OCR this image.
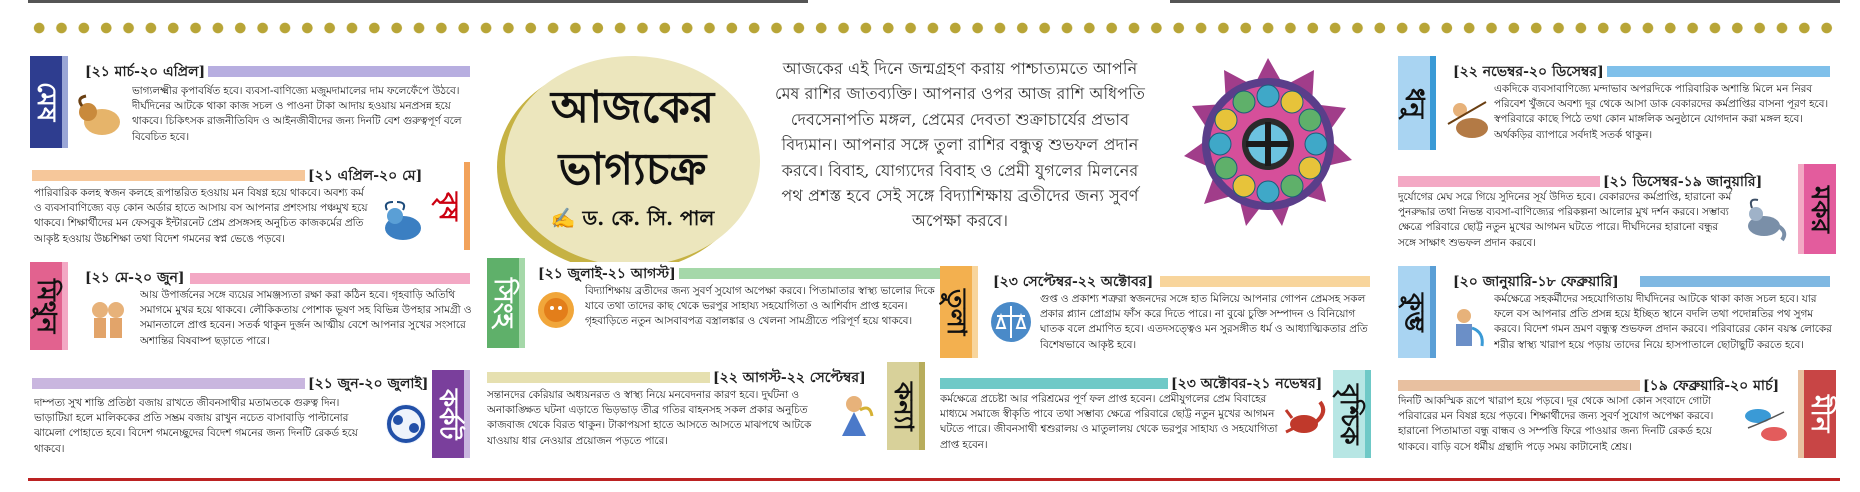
আজকের
ভাগ্যচক্র
✍ ড. কে. সি. পাল
আজকের এই দিনে জন্মগ্রহণ করায় পাশ্চাত্যমতে আপনি মেষ রাশির জাতব্যক্তি। আপনার ওপর আজ রাশি অধিপতি দেবসেনাপতি মঙ্গল, প্রেমের দেবতা শুক্রাচার্যের প্রভাব বিদ্যমান। আপনার সঙ্গে তুলা রাশির বন্ধুত্ব শুভফল প্রদান করবে। বিবাহ, যোগ্যদের বিবাহ ও প্রেমী যুগলের মিলনের পথ প্রশস্ত হবে সেই সঙ্গে বিদ্যাশিক্ষায় ব্রতীদের জন্য সুবর্ণ অপেক্ষা করবে।
মেষ
[২১ মার্চ-২০ এপ্রিল]
ভাগ্যলক্ষ্মীর কৃপাবর্ষিত হবে। ব্যবসা-বাণিজ্যে মজুমদামালের দাম ফলেফেঁপে উঠবে। দীর্ঘদিনের আটকে থাকা কাজ সচল ও পাওনা টাকা আদায় হওয়ায় মনপ্রসন্ন হয়ে থাকবে। চিকিৎসক রাজনীতিবিদ ও আইনজীবীদের জন্য দিনটি বেশ গুরুত্বপূর্ণ বলে বিবেচিত হবে।
[২১ এপ্রিল-২০ মে]
বৃষ
পারিবারিক কলহ স্বজন কলহে রূপান্তরিত হওয়ায় মন বিষণ্ণ হয়ে থাকবে। অবশ্য কর্ম ও ব্যবসাবাণিজ্যে বড় কোন অর্ডার হাতে আসায় বস আপনার প্রশংসায় পঞ্চমুখ হয়ে থাকবে। শিক্ষার্থীদের মন ফেসবুক ইন্টারনেট প্রেম প্রসঙ্গসহ অনুচিত কাজকর্মের প্রতি আকৃষ্ট হওয়ায় উচ্চশিক্ষা তথা বিদেশ গমনের স্বপ্ন ভেঙে পড়বে।
মিথুন
[২১ মে-২০ জুন]
আয় উপার্জনের সঙ্গে ব্যয়ের সামঞ্জস্যতা রক্ষা করা কঠিন হবে। গৃহবাড়ি অতিথি সমাগমে মুখর হয়ে থাকবে। লৌকিকতায় পোশাক ভূষণ সহ বিভিন্ন উপহার সামগ্রী ও সমানতালে প্রাপ্ত হবেন। সতর্ক থাকুন দুর্জন আত্মীয় বেশে আপনার সুখের সংসারে অশান্তির বিষবাষ্প ছড়াতে পারে।
[২১ জুন-২০ জুলাই]
কর্কট
দাম্পত্য সুখ শান্তি প্রতিষ্ঠা বজায় রাখতে জীবনসাথীর মতামতকে গুরুত্ব দিন। ভাড়াটিয়া হলে মালিককের প্রতি সম্ভ্রম বজায় রাখুন নচেত বাসাবাড়ি পাল্টানোর ঝামেলা পোহাতে হবে। বিদেশ গমনেচ্ছুদের বিদেশ গমনের জন্য দিনটি রেকর্ড হয়ে থাকবে।
সিংহ
[২১ জুলাই-২১ আগস্ট]
বিদ্যাশিক্ষায় ব্রতীদের জন্য সুবর্ণ সুযোগ অপেক্ষা করবে। পিতামাতার স্বাস্থ্য ভালোর দিকে যাবে তথা তাদের কাছ থেকে ভরপুর সাহায্য সহযোগিতা ও আশির্বাদ প্রাপ্ত হবেন। গৃহবাড়িতে নতুন আসবাবপত্র বস্ত্রালঙ্কার ও খেলনা সামগ্রীতে পরিপূর্ণ হয়ে থাকবে।
[২২ আগস্ট-২২ সেপ্টেম্বর]
কন্যা
সন্তানদের কেরিয়ার অধ্যয়নরত ও স্বাস্থ্য নিয়ে মনবেদনার কারণ হবে। দুর্ঘটনা ও অনাকাঙ্ক্ষিত ঘটনা এড়াতে ভিড়ভাড় তীব্র গতির বাহনসহ সকল প্রকার অনুচিত কাজবাজ থেকে বিরত থাকুন। টাকাপয়সা হাতে আসতে আসতে মাঝপথে আটকে যাওয়ায় ধার নেওয়ার প্রয়োজন পড়তে পারে।
তুলা
[২৩ সেপ্টেম্বর-২২ অক্টোবর]
গুপ্ত ও প্রকাশ্য শত্রুরা স্বজনদের সঙ্গে হাত মিলিয়ে আপনার গোপন প্রেমসহ সকল প্রকার প্ল্যান প্রোগ্রাম ফাঁস করে দিতে পারে। না বুঝে চুক্তি সম্পাদন ও বিনিয়োগ ঘাতক বলে প্রমাণিত হবে। এতদসত্ত্বেও মন সুরসঙ্গীত ধর্ম ও আধ্যাত্মিকতার প্রতি বিশেষভাবে আকৃষ্ট হবে।
[২৩ অক্টোবর-২১ নভেম্বর] বৃশ্চিক
কর্মক্ষেত্রে প্রচেষ্টা আর পরিশ্রমের পূর্ণ ফল প্রাপ্ত হবেন। প্রেমীযুগলের প্রেম বিবাহের মাধ্যমে সমাজে স্বীকৃতি পাবে তথা সম্ভাব্য ক্ষেত্রে পরিবারে ছোট্ট নতুন মুখের আগমন ঘটতে পারে। জীবনসাথী শ্বশুরালয় ও মাতুলালয় থেকে ভরপুর সাহায্য ও সহযোগিতা প্রাপ্ত হবেন।
ধনু
[২২ নভেম্বর-২০ ডিসেম্বর]
একদিকে ব্যবসাবাণিজ্যে মন্দাভাব অপরদিকে পারিবারিক অশান্তি মিলে মন নিরব পরিবেশ খুঁজবে অবশ্য দূর থেকে আসা ডাক বেকারদের কর্মপ্রাপ্তির বাসনা পূরণ হবে। স্বপরিবারে কাছে পিঠে তথা কোন মাঙ্গলিক অনুষ্ঠানে যোগদান করা মঙ্গল হবে। অর্থকড়ির ব্যাপারে সর্বদাই সতর্ক থাকুন।
[২১ ডিসেম্বর-১৯ জানুয়ারি]
মকর
দুর্যোগের মেঘ সরে গিয়ে সুদিনের সূর্য উদিত হবে। বেকারদের কর্মপ্রাপ্তি, হারানো কর্ম পুনরুদ্ধার তথা নিভন্ত ব্যবসা-বাণিজ্যের পরিকল্পনা আলোর মুখ দর্শন করবে। সম্ভাব্য ক্ষেত্রে পরিবারে ছোট্ট নতুন মুখের আগমন ঘটতে পারে। দীর্ঘদিনের হারানো বন্ধুর সঙ্গে সাক্ষাৎ শুভফল প্রদান করবে।
কুম্ভ
[২০ জানুয়ারি-১৮ ফেব্রুয়ারি]
কর্মক্ষেত্রে সহকর্মীদের সহযোগিতায় দীর্ঘদিনের আটকে থাকা কাজ সচল হবে। যার ফলে বস আপনার প্রতি প্রসন্ন হয়ে ইচ্ছিত স্থানে বদলি তথা পদোন্নতির পথ সুগম করবে। বিদেশ গমন ভ্রমণ বন্ধুত্ব শুভফল প্রদান করবে। পরিবারের কোন বয়স্ক লোকের শরীর স্বাস্থ্য খারাপ হয়ে পড়ায় তাদের নিয়ে হাসপাতালে ছোটাছুটি করতে হবে।
[১৯ ফেব্রুয়ারি-২০ মার্চ]
মীন
দিনটি আকস্মিক রূপে খারাপ হয়ে পড়বে। দূর থেকে আসা কোন সংবাদে গোটা পরিবারের মন বিষণ্ণ হয়ে পড়বে। শিক্ষার্থীদের জন্য সুবর্ণ সুযোগ অপেক্ষা করবে। হারানো পিতামাতা বন্ধু বান্ধব ও সম্পত্তি ফিরে পাওয়ার জন্য দিনটি রেকর্ড হয়ে থাকবে। বাড়ি বসে ধর্মীয় গ্রন্থাদি পড়ে সময় কাটানোই শ্রেয়।
